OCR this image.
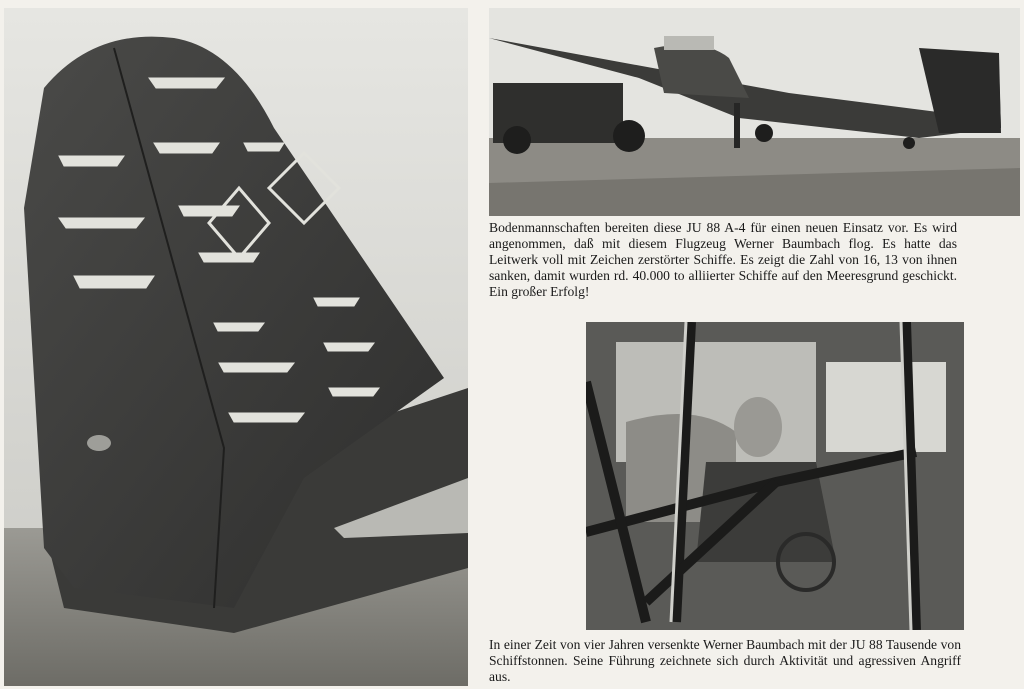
Bodenmannschaften bereiten diese JU 88 A-4 für einen neuen Einsatz vor. Es wird angenommen, daß mit diesem Flugzeug Werner Baumbach flog. Es hatte das Leitwerk voll mit Zeichen zerstörter Schiffe. Es zeigt die Zahl von 16, 13 von ihnen sanken, damit wurden rd. 40.000 to alliierter Schiffe auf den Meeresgrund geschickt. Ein großer Erfolg!

In einer Zeit von vier Jahren versenkte Werner Baumbach mit der JU 88 Tausende von Schiffstonnen. Seine Führung zeichnete sich durch Aktivität und agressiven Angriff aus.
